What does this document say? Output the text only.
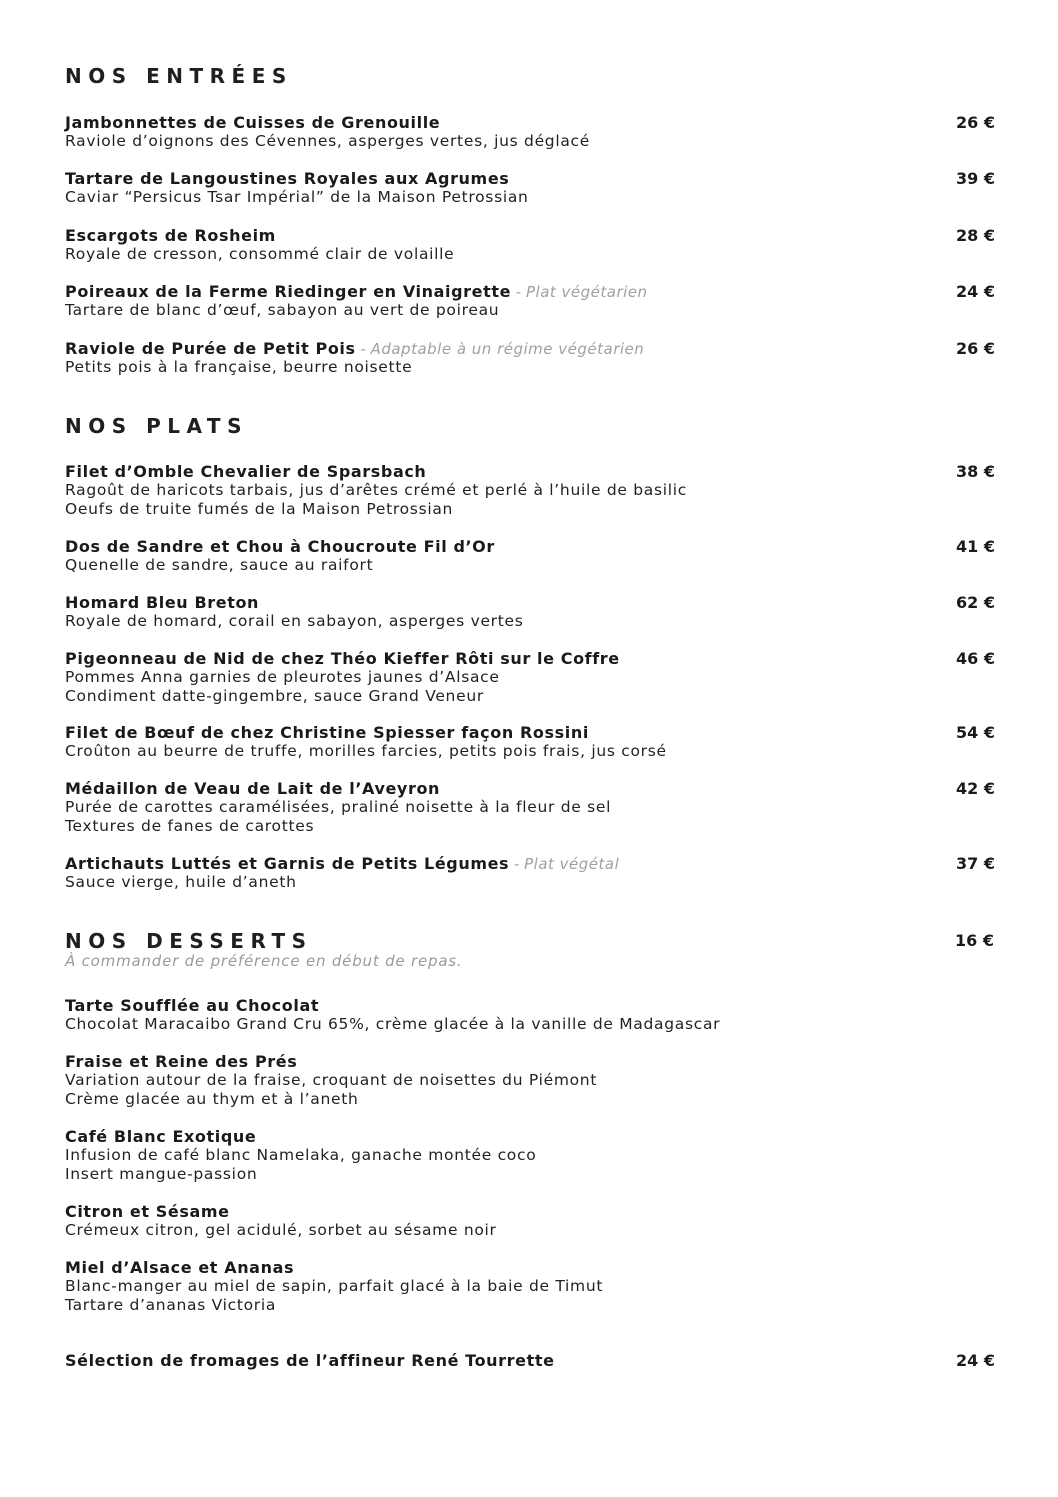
NOS ENTRÉES
Jambonnettes de Cuisses de Grenouille	26 €
Raviole d’oignons des Cévennes, asperges vertes, jus déglacé
Tartare de Langoustines Royales aux Agrumes	39 €
Caviar “Persicus Tsar Impérial” de la Maison Petrossian
Escargots de Rosheim	28 €
Royale de cresson, consommé clair de volaille
Poireaux de la Ferme Riedinger en Vinaigrette - Plat végétarien	24 €
Tartare de blanc d’œuf, sabayon au vert de poireau
Raviole de Purée de Petit Pois - Adaptable à un régime végétarien	26 €
Petits pois à la française, beurre noisette
NOS PLATS
Filet d’Omble Chevalier de Sparsbach	38 €
Ragoût de haricots tarbais, jus d’arêtes crémé et perlé à l’huile de basilic
Oeufs de truite fumés de la Maison Petrossian
Dos de Sandre et Chou à Choucroute Fil d’Or	41 €
Quenelle de sandre, sauce au raifort
Homard Bleu Breton	62 €
Royale de homard, corail en sabayon, asperges vertes
Pigeonneau de Nid de chez Théo Kieffer Rôti sur le Coffre	46 €
Pommes Anna garnies de pleurotes jaunes d’Alsace
Condiment datte-gingembre, sauce Grand Veneur
Filet de Bœuf de chez Christine Spiesser façon Rossini	54 €
Croûton au beurre de truffe, morilles farcies, petits pois frais, jus corsé
Médaillon de Veau de Lait de l’Aveyron	42 €
Purée de carottes caramélisées, praliné noisette à la fleur de sel
Textures de fanes de carottes
Artichauts Luttés et Garnis de Petits Légumes - Plat végétal	37 €
Sauce vierge, huile d’aneth
NOS DESSERTS	16 €
À commander de préférence en début de repas.
Tarte Soufflée au Chocolat
Chocolat Maracaibo Grand Cru 65%, crème glacée à la vanille de Madagascar
Fraise et Reine des Prés
Variation autour de la fraise, croquant de noisettes du Piémont
Crème glacée au thym et à l’aneth
Café Blanc Exotique
Infusion de café blanc Namelaka, ganache montée coco
Insert mangue-passion
Citron et Sésame
Crémeux citron, gel acidulé, sorbet au sésame noir
Miel d’Alsace et Ananas
Blanc-manger au miel de sapin, parfait glacé à la baie de Timut
Tartare d’ananas Victoria
Sélection de fromages de l’affineur René Tourrette	24 €
